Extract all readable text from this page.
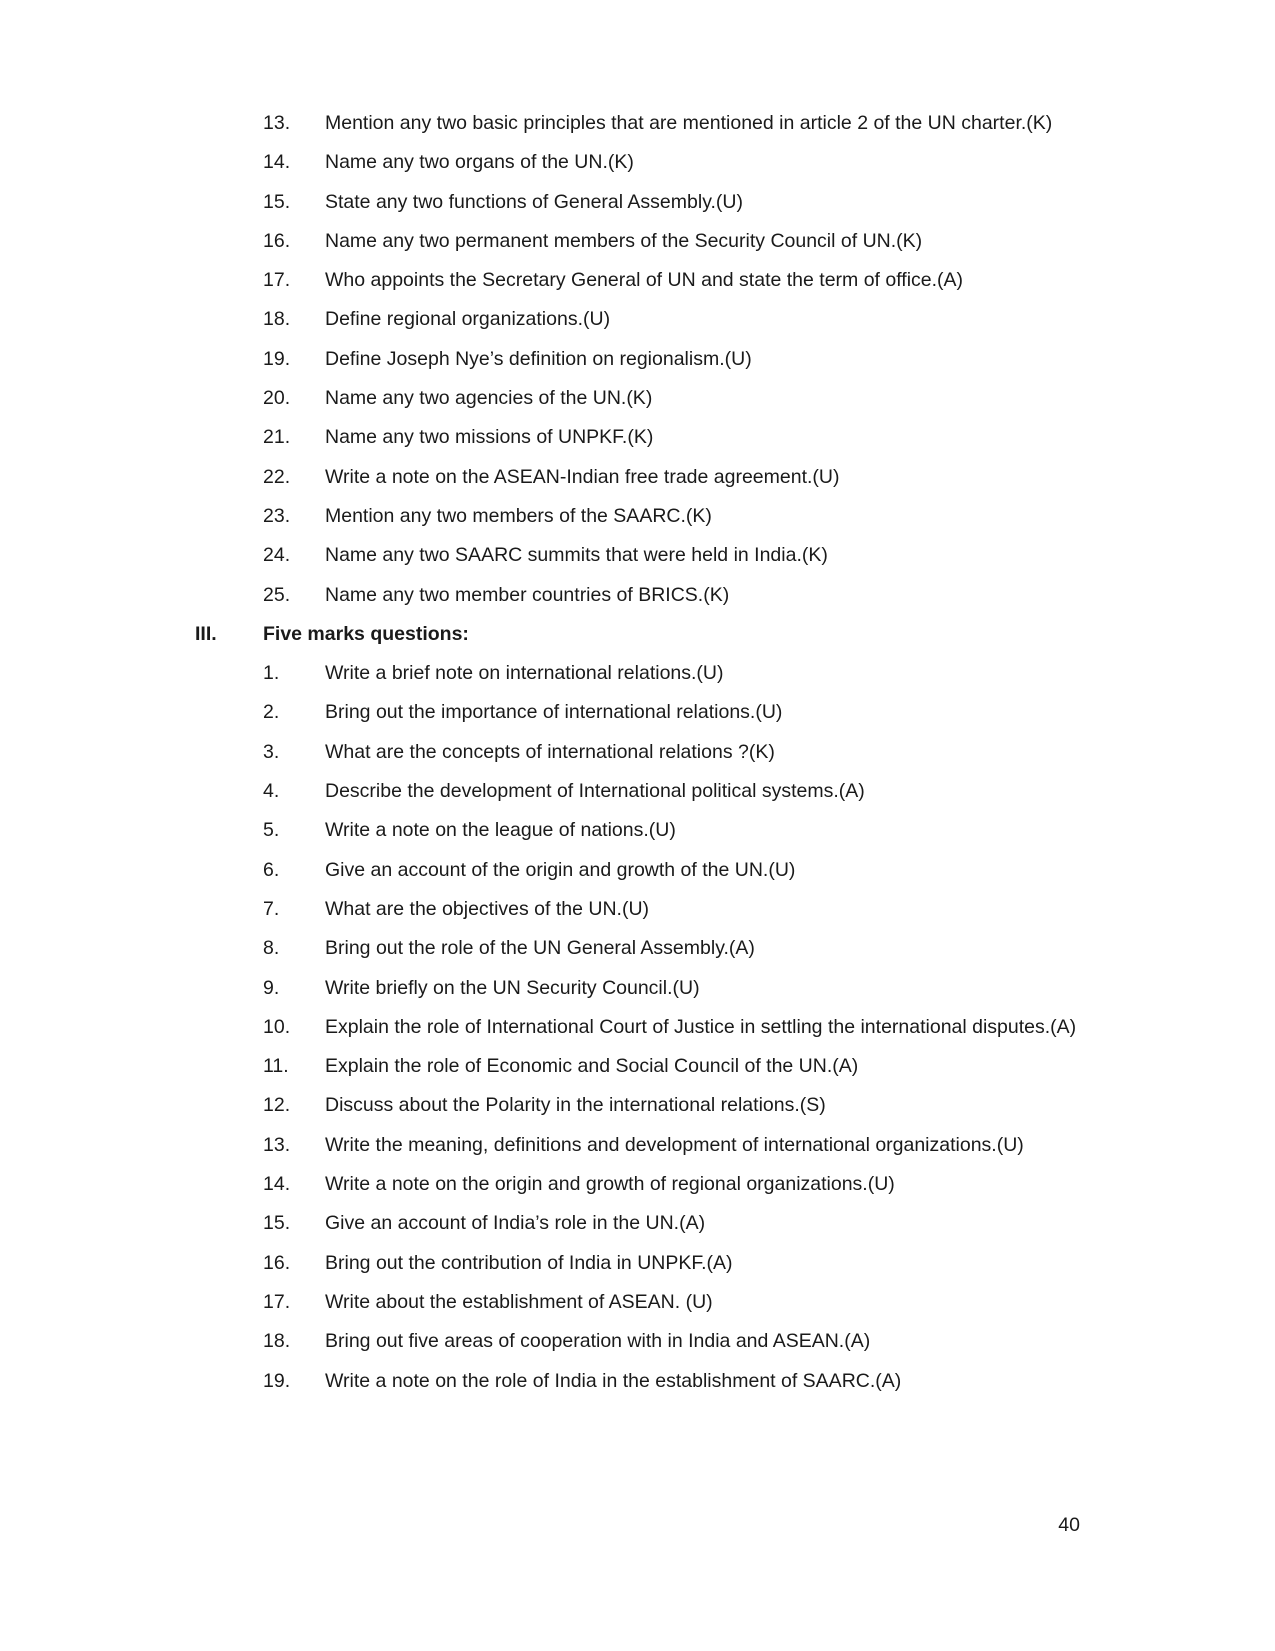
13.	Mention any two basic principles that are mentioned in article 2 of the UN charter.(K)
14.	Name any two organs of the UN.(K)
15.	State any two functions of General Assembly.(U)
16.	Name any two permanent members of the Security Council of UN.(K)
17.	Who appoints the Secretary General of UN and state the term of office.(A)
18.	Define regional organizations.(U)
19.	Define Joseph Nye’s definition on regionalism.(U)
20.	Name any two agencies of the UN.(K)
21.	Name any two missions of UNPKF.(K)
22.	Write a note on the ASEAN-Indian free trade agreement.(U)
23.	Mention any two members of the SAARC.(K)
24.	Name any two SAARC summits that were held in India.(K)
25.	Name any two member countries of BRICS.(K)
III.	Five marks questions:
1.	Write a brief note on international relations.(U)
2.	Bring out the importance of international relations.(U)
3.	What are the concepts of international relations ?(K)
4.	Describe the development of International political systems.(A)
5.	Write a note on the league of nations.(U)
6.	Give an account of the origin and growth of the UN.(U)
7.	What are the objectives of the UN.(U)
8.	Bring out the role of the UN General Assembly.(A)
9.	Write briefly on the UN Security Council.(U)
10.	Explain the role of International Court of Justice in settling the international disputes.(A)
11.	Explain the role of Economic and Social Council of the UN.(A)
12.	Discuss about the Polarity in the international relations.(S)
13.	Write the meaning, definitions and development of international organizations.(U)
14.	Write a note on the origin and growth of regional organizations.(U)
15.	Give an account of India’s role in the UN.(A)
16.	Bring out the contribution of India in UNPKF.(A)
17.	Write about the establishment of ASEAN. (U)
18.	Bring out five areas of cooperation with in India and ASEAN.(A)
19.	Write a note on the role of India in the establishment of SAARC.(A)
40
